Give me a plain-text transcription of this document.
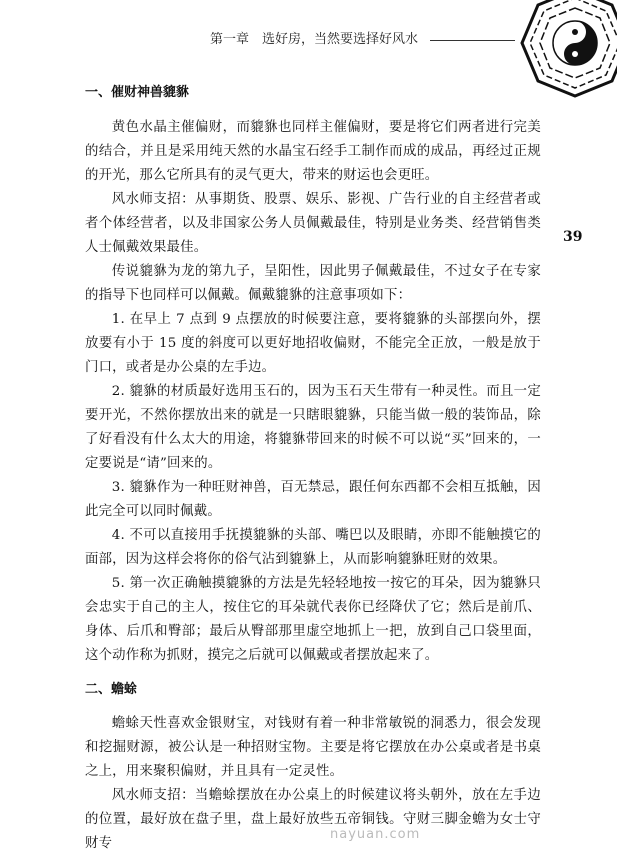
第一章　选好房，当然要选择好风水
39
一、催财神兽貔貅

黄色水晶主催偏财，而貔貅也同样主催偏财，要是将它们两者进行完美的结合，并且是采用纯天然的水晶宝石经手工制作而成的成品，再经过正规的开光，那么它所具有的灵气更大，带来的财运也会更旺。

风水师支招：从事期货、股票、娱乐、影视、广告行业的自主经营者或者个体经营者，以及非国家公务人员佩戴最佳，特别是业务类、经营销售类人士佩戴效果最佳。

传说貔貅为龙的第九子，呈阳性，因此男子佩戴最佳，不过女子在专家的指导下也同样可以佩戴。佩戴貔貅的注意事项如下：

1. 在早上 7 点到 9 点摆放的时候要注意，要将貔貅的头部摆向外，摆放要有小于 15 度的斜度可以更好地招收偏财，不能完全正放，一般是放于门口，或者是办公桌的左手边。

2. 貔貅的材质最好选用玉石的，因为玉石天生带有一种灵性。而且一定要开光，不然你摆放出来的就是一只瞎眼貔貅，只能当做一般的装饰品，除了好看没有什么太大的用途，将貔貅带回来的时候不可以说“买”回来的，一定要说是“请”回来的。

3. 貔貅作为一种旺财神兽，百无禁忌，跟任何东西都不会相互抵触，因此完全可以同时佩戴。

4. 不可以直接用手抚摸貔貅的头部、嘴巴以及眼睛，亦即不能触摸它的面部，因为这样会将你的俗气沾到貔貅上，从而影响貔貅旺财的效果。

5. 第一次正确触摸貔貅的方法是先轻轻地按一按它的耳朵，因为貔貅只会忠实于自己的主人，按住它的耳朵就代表你已经降伏了它；然后是前爪、身体、后爪和臀部；最后从臀部那里虚空地抓上一把，放到自己口袋里面，这个动作称为抓财，摸完之后就可以佩戴或者摆放起来了。

二、蟾蜍

蟾蜍天性喜欢金银财宝，对钱财有着一种非常敏锐的洞悉力，很会发现和挖掘财源，被公认是一种招财宝物。主要是将它摆放在办公桌或者是书桌之上，用来聚积偏财，并且具有一定灵性。

风水师支招：当蟾蜍摆放在办公桌上的时候建议将头朝外，放在左手边的位置，最好放在盘子里，盘上最好放些五帝铜钱。守财三脚金蟾为女士守财专

nayuan.com
